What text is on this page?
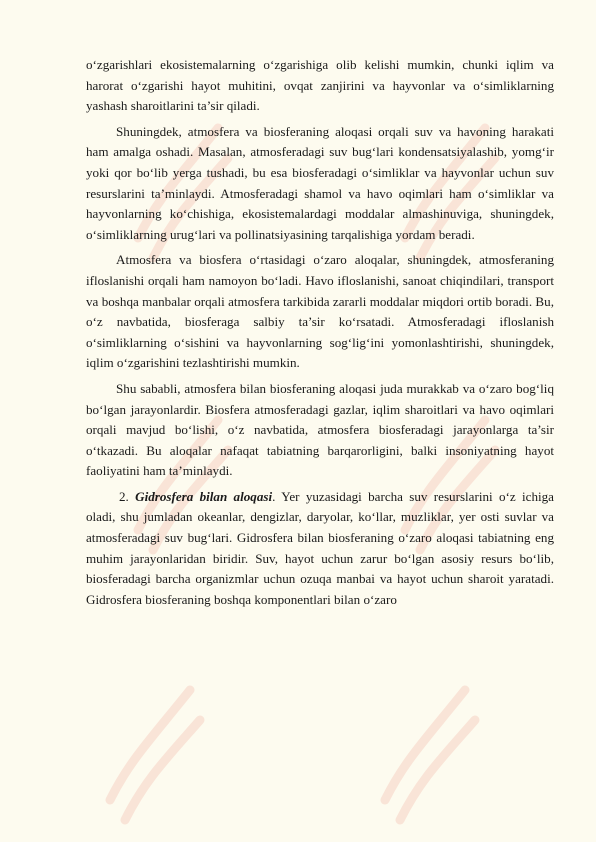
o‘zgarishlari ekosistemalarning o‘zgarishiga olib kelishi mumkin, chunki iqlim va harorat o‘zgarishi hayot muhitini, ovqat zanjirini va hayvonlar va o‘simliklarning yashash sharoitlarini ta’sir qiladi.

Shuningdek, atmosfera va biosferaning aloqasi orqali suv va havoning harakati ham amalga oshadi. Masalan, atmosferadagi suv bug‘lari kondensatsiyalashib, yomg‘ir yoki qor bo‘lib yerga tushadi, bu esa biosferadagi o‘simliklar va hayvonlar uchun suv resurslarini ta’minlaydi. Atmosferadagi shamol va havo oqimlari ham o‘simliklar va hayvonlarning ko‘chishiga, ekosistemalardagi moddalar almashinuviga, shuningdek, o‘simliklarning urug‘lari va pollinatsiyasining tarqalishiga yordam beradi.

Atmosfera va biosfera o‘rtasidagi o‘zaro aloqalar, shuningdek, atmosferaning ifloslanishi orqali ham namoyon bo‘ladi. Havo ifloslanishi, sanoat chiqindilari, transport va boshqa manbalar orqali atmosfera tarkibida zararli moddalar miqdori ortib boradi. Bu, o‘z navbatida, biosferaga salbiy ta’sir ko‘rsatadi. Atmosferadagi ifloslanish o‘simliklarning o‘sishini va hayvonlarning sog‘lig‘ini yomonlashtirishi, shuningdek, iqlim o‘zgarishini tezlashtirishi mumkin.

Shu sababli, atmosfera bilan biosferaning aloqasi juda murakkab va o‘zaro bog‘liq bo‘lgan jarayonlardir. Biosfera atmosferadagi gazlar, iqlim sharoitlari va havo oqimlari orqali mavjud bo‘lishi, o‘z navbatida, atmosfera biosferadagi jarayonlarga ta’sir o‘tkazadi. Bu aloqalar nafaqat tabiatning barqarorligini, balki insoniyatning hayot faoliyatini ham ta’minlaydi.

2. Gidrosfera bilan aloqasi. Yer yuzasidagi barcha suv resurslarini o‘z ichiga oladi, shu jumladan okeanlar, dengizlar, daryolar, ko‘llar, muzliklar, yer osti suvlar va atmosferadagi suv bug‘lari. Gidrosfera bilan biosferaning o‘zaro aloqasi tabiatning eng muhim jarayonlaridan biridir. Suv, hayot uchun zarur bo‘lgan asosiy resurs bo‘lib, biosferadagi barcha organizmlar uchun ozuqa manbai va hayot uchun sharoit yaratadi. Gidrosfera biosferaning boshqa komponentlari bilan o‘zaro
